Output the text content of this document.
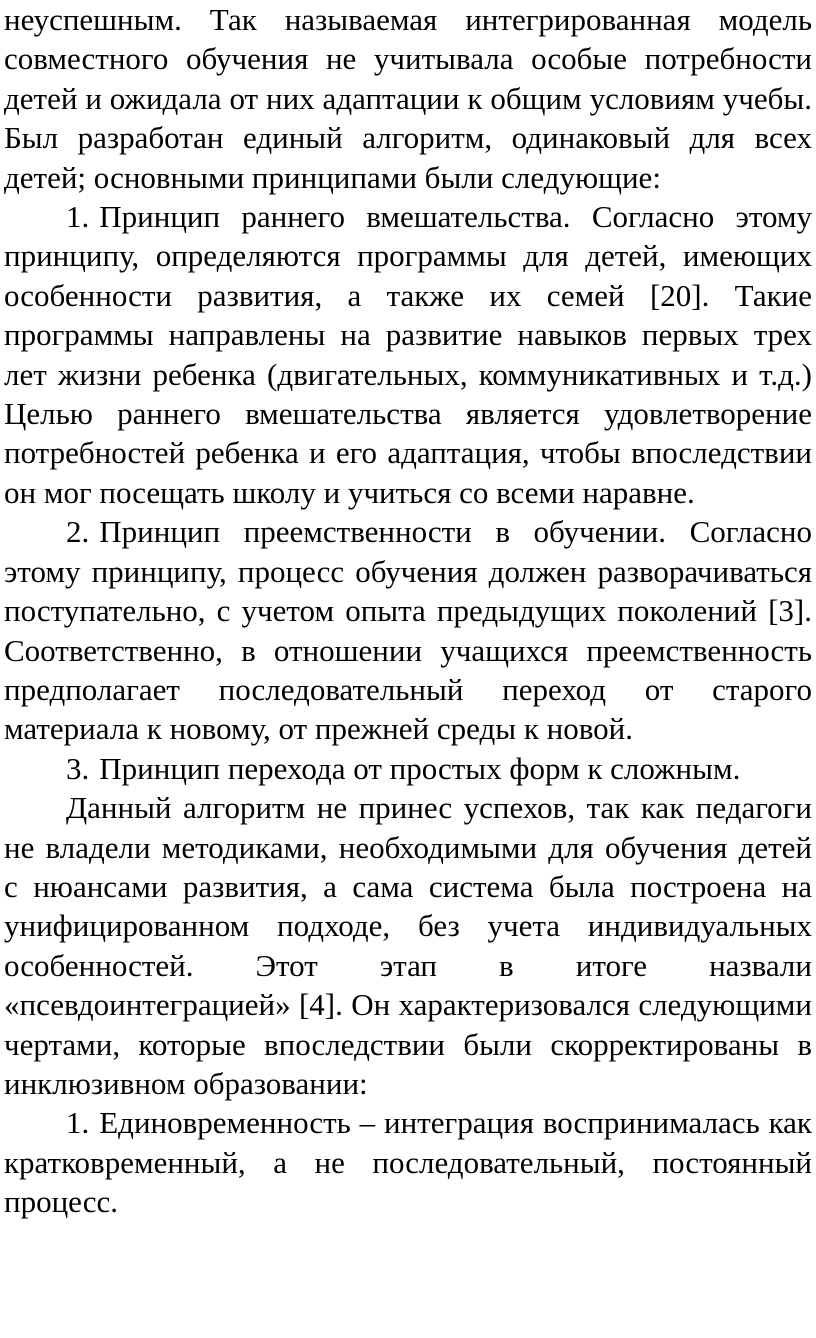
неуспешным. Так называемая интегрированная модель совместного обучения не учитывала особые потребности детей и ожидала от них адаптации к общим условиям учебы. Был разработан единый алгоритм, одинаковый для всех детей; основными принципами были следующие:

1. Принцип раннего вмешательства. Согласно этому принципу, определяются программы для детей, имеющих особенности развития, а также их семей [20]. Такие программы направлены на развитие навыков первых трех лет жизни ребенка (двигательных, коммуникативных и т.д.) Целью раннего вмешательства является удовлетворение потребностей ребенка и его адаптация, чтобы впоследствии он мог посещать школу и учиться со всеми наравне.

2. Принцип преемственности в обучении. Согласно этому принципу, процесс обучения должен разворачиваться поступательно, с учетом опыта предыдущих поколений [3]. Соответственно, в отношении учащихся преемственность предполагает последовательный переход от старого материала к новому, от прежней среды к новой.

3. Принцип перехода от простых форм к сложным.

Данный алгоритм не принес успехов, так как педагоги не владели методиками, необходимыми для обучения детей с нюансами развития, а сама система была построена на унифицированном подходе, без учета индивидуальных особенностей. Этот этап в итоге назвали «псевдоинтеграцией» [4]. Он характеризовался следующими чертами, которые впоследствии были скорректированы в инклюзивном образовании:

1. Единовременность – интеграция воспринималась как кратковременный, а не последовательный, постоянный процесс.
